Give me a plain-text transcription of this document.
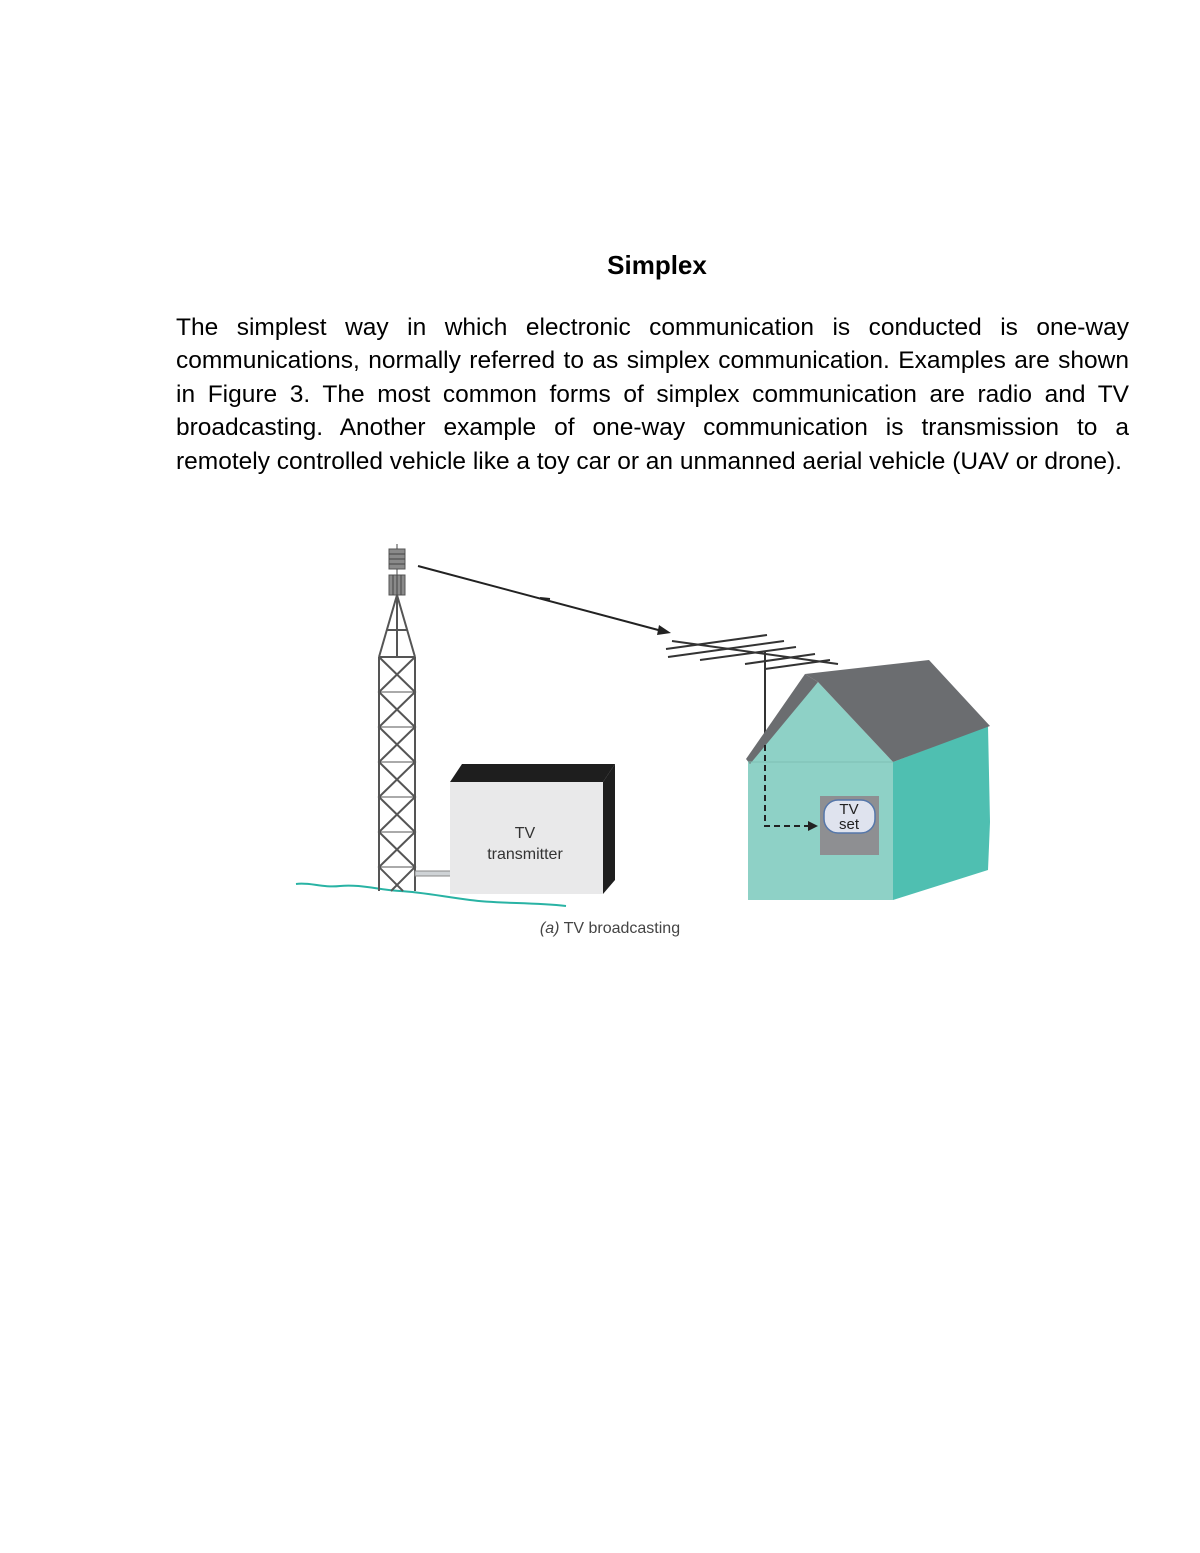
Simplex

The simplest way in which electronic communication is conducted is one-way communications, normally referred to as simplex communication. Examples are shown in Figure 3. The most common forms of simplex communication are radio and TV broadcasting. Another example of one-way communication is transmission to a remotely controlled vehicle like a toy car or an unmanned aerial vehicle (UAV or drone).

TV
transmitter
TV
set
(a) TV broadcasting
